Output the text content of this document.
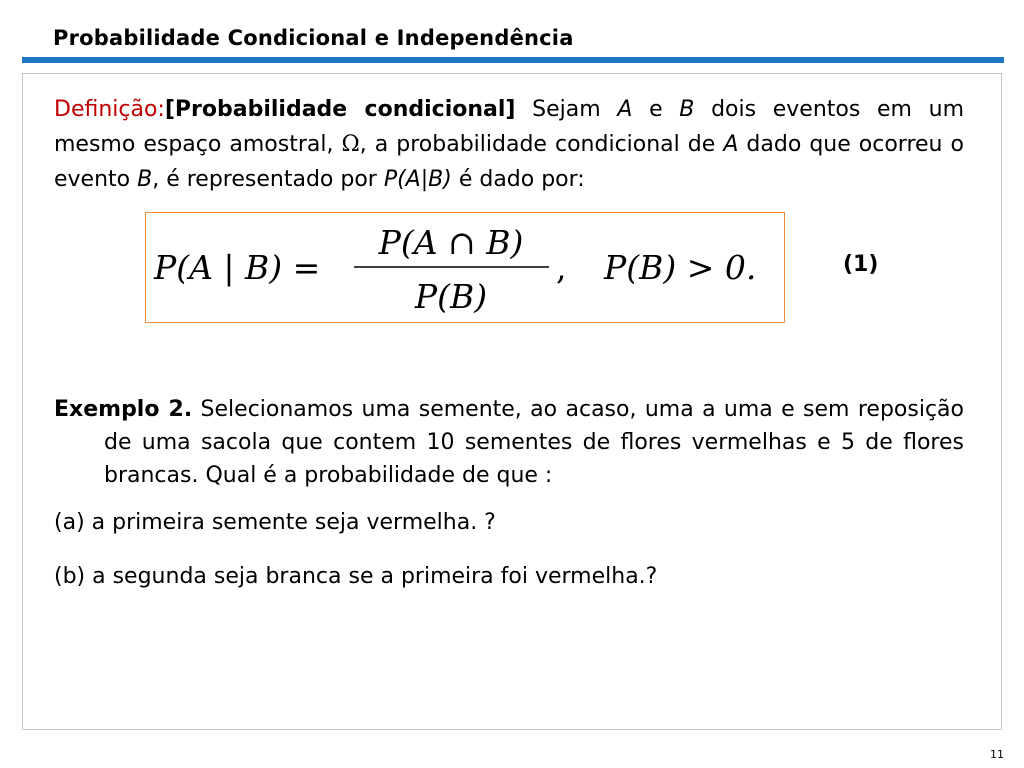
Probabilidade Condicional e Independência
Definição:[Probabilidade condicional] Sejam A e B dois eventos em um mesmo espaço amostral, Ω, a probabilidade condicional de A dado que ocorreu o evento B, é representado por P(A|B) é dado por:
P(A | B) =
P(A ∩ B)
P(B)
, P(B) > 0.	(1)

Exemplo 2. Selecionamos uma semente, ao acaso, uma a uma e sem reposição de uma sacola que contem 10 sementes de flores vermelhas e 5 de flores brancas. Qual é a probabilidade de que :

(a) a primeira semente seja vermelha. ?
(b) a segunda seja branca se a primeira foi vermelha.?
11
